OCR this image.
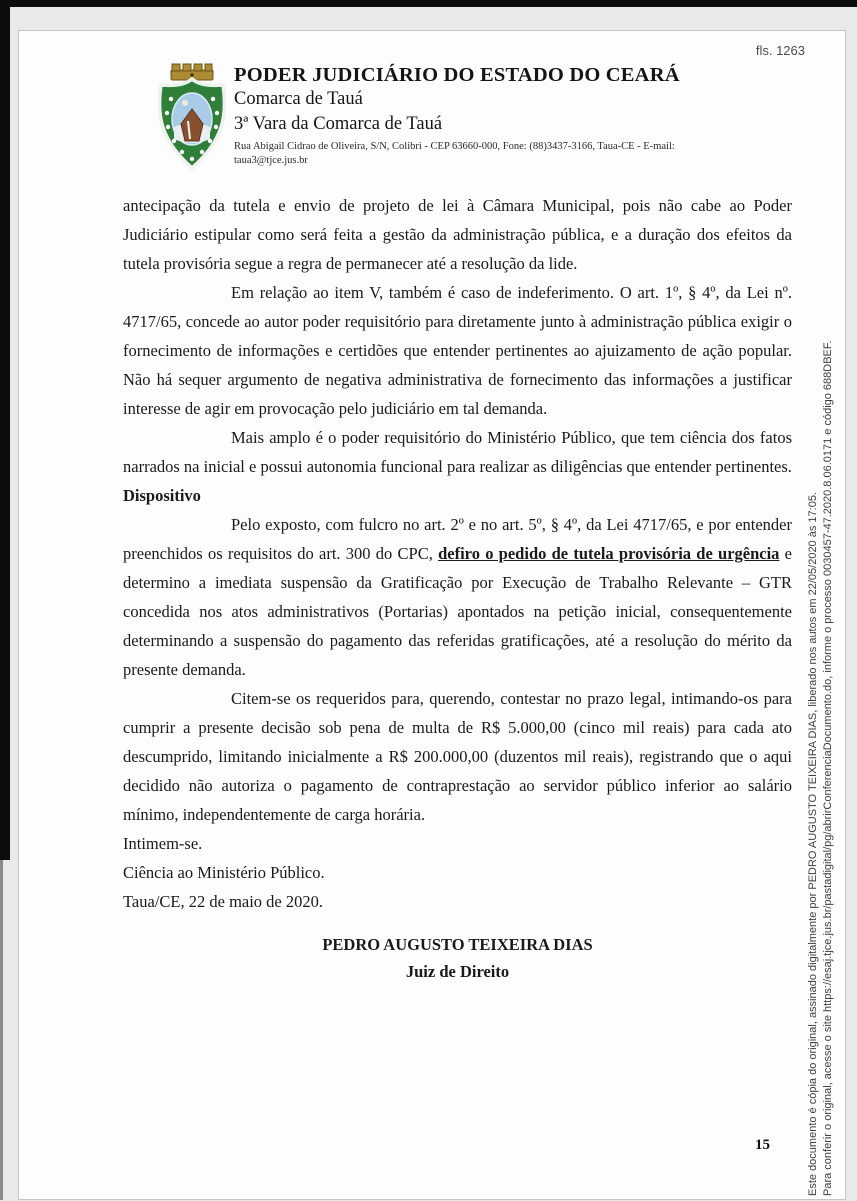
fls. 1263
PODER JUDICIÁRIO DO ESTADO DO CEARÁ
Comarca de Tauá
3ª Vara da Comarca de Tauá
Rua Abigail Cidrao de Oliveira, S/N, Colibri - CEP 63660-000, Fone: (88)3437-3166, Taua-CE - E-mail:
taua3@tjce.jus.br

antecipação da tutela e envio de projeto de lei à Câmara Municipal, pois não cabe ao Poder Judiciário estipular como será feita a gestão da administração pública, e a duração dos efeitos da tutela provisória segue a regra de permanecer até a resolução da lide.

Em relação ao item V, também é caso de indeferimento. O art. 1º, § 4º, da Lei nº. 4717/65, concede ao autor poder requisitório para diretamente junto à administração pública exigir o fornecimento de informações e certidões que entender pertinentes ao ajuizamento de ação popular. Não há sequer argumento de negativa administrativa de fornecimento das informações a justificar interesse de agir em provocação pelo judiciário em tal demanda.

Mais amplo é o poder requisitório do Ministério Público, que tem ciência dos fatos narrados na inicial e possui autonomia funcional para realizar as diligências que entender pertinentes.

Dispositivo

Pelo exposto, com fulcro no art. 2º e no art. 5º, § 4º, da Lei 4717/65, e por entender preenchidos os requisitos do art. 300 do CPC, defiro o pedido de tutela provisória de urgência e determino a imediata suspensão da Gratificação por Execução de Trabalho Relevante – GTR concedida nos atos administrativos (Portarias) apontados na petição inicial, consequentemente determinando a suspensão do pagamento das referidas gratificações, até a resolução do mérito da presente demanda.

Citem-se os requeridos para, querendo, contestar no prazo legal, intimando-os para cumprir a presente decisão sob pena de multa de R$ 5.000,00 (cinco mil reais) para cada ato descumprido, limitando inicialmente a R$ 200.000,00 (duzentos mil reais), registrando que o aqui decidido não autoriza o pagamento de contraprestação ao servidor público inferior ao salário mínimo, independentemente de carga horária.

Intimem-se.

Ciência ao Ministério Público.

Taua/CE, 22 de maio de 2020.

PEDRO AUGUSTO TEIXEIRA DIAS
Juiz de Direito
15	Este documento é cópia do original, assinado digitalmente por PEDRO AUGUSTO TEIXEIRA DIAS, liberado nos autos em 22/05/2020 às 17:05. Para conferir o original, acesse o site https://esaj.tjce.jus.br/pastadigital/pg/abrirConferenciaDocumento.do, informe o processo 0030457-47.2020.8.06.0171 e código 688DBEF.
